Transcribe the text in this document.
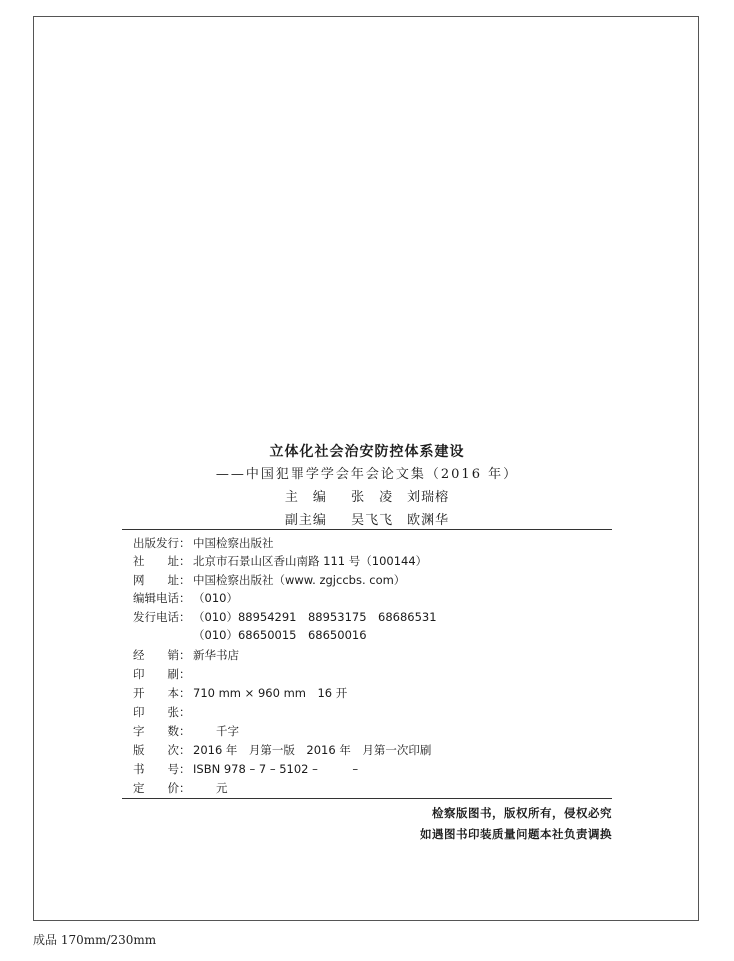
立体化社会治安防控体系建设
——中国犯罪学学会年会论文集（2016 年）
主　编 张　凌　刘瑞榕
副主编 吴飞飞　欧渊华
出版发行： 中国检察出版社
社　　址： 北京市石景山区香山南路 111 号（100144）
网　　址： 中国检察出版社（www. zgjccbs. com）
编辑电话： （010）
发行电话： （010）88954291　88953175　68686531
（010）68650015　68650016
经　　销： 新华书店
印　　刷：
开　　本： 710 mm × 960 mm　16 开
印　　张：
字　　数：　　千字
版　　次： 2016 年　月第一版　2016 年　月第一次印刷
书　　号： ISBN 978 – 7 – 5102 –　　　–
定　　价：　　元
检察版图书，版权所有，侵权必究
如遇图书印装质量问题本社负责调换
成品 170mm/230mm
